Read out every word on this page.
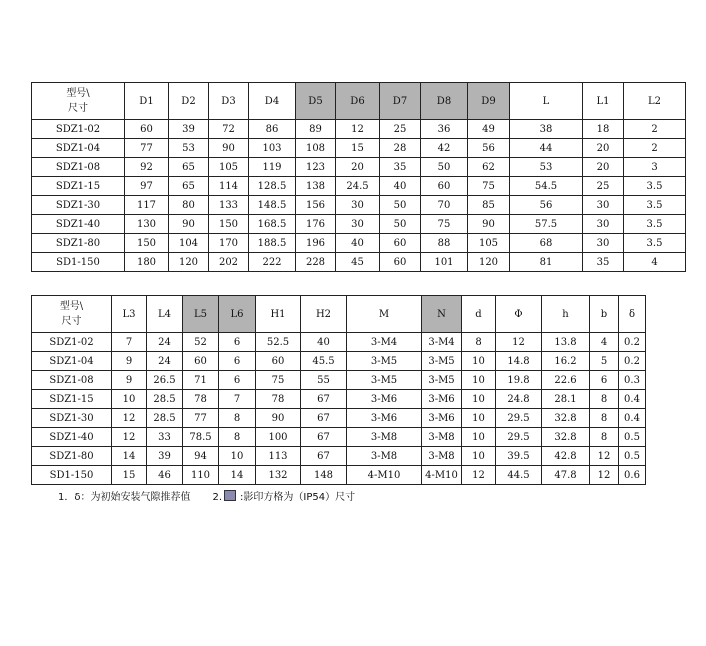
型号\
尺寸	D1	D2	D3	D4	D5	D6	D7	D8	D9	L	L1	L2
SDZ1-02	60	39	72	86	89	12	25	36	49	38	18	2
SDZ1-04	77	53	90	103	108	15	28	42	56	44	20	2
SDZ1-08	92	65	105	119	123	20	35	50	62	53	20	3
SDZ1-15	97	65	114	128.5	138	24.5	40	60	75	54.5	25	3.5
SDZ1-30	117	80	133	148.5	156	30	50	70	85	56	30	3.5
SDZ1-40	130	90	150	168.5	176	30	50	75	90	57.5	30	3.5
SDZ1-80	150	104	170	188.5	196	40	60	88	105	68	30	3.5
SD1-150	180	120	202	222	228	45	60	101	120	81	35	4
型号\
尺寸	L3	L4	L5	L6	H1	H2	M	N	d	Φ	h	b	δ
SDZ1-02	7	24	52	6	52.5	40	3-M4	3-M4	8	12	13.8	4	0.2
SDZ1-04	9	24	60	6	60	45.5	3-M5	3-M5	10	14.8	16.2	5	0.2
SDZ1-08	9	26.5	71	6	75	55	3-M5	3-M5	10	19.8	22.6	6	0.3
SDZ1-15	10	28.5	78	7	78	67	3-M6	3-M6	10	24.8	28.1	8	0.4
SDZ1-30	12	28.5	77	8	90	67	3-M6	3-M6	10	29.5	32.8	8	0.4
SDZ1-40	12	33	78.5	8	100	67	3-M8	3-M8	10	29.5	32.8	8	0.5
SDZ1-80	14	39	94	10	113	67	3-M8	3-M8	10	39.5	42.8	12	0.5
SD1-150	15	46	110	14	132	148	4-M10	4-M10	12	44.5	47.8	12	0.6
1．δ：为初始安装气隙推荐值 2. :影印方格为（IP54）尺寸
